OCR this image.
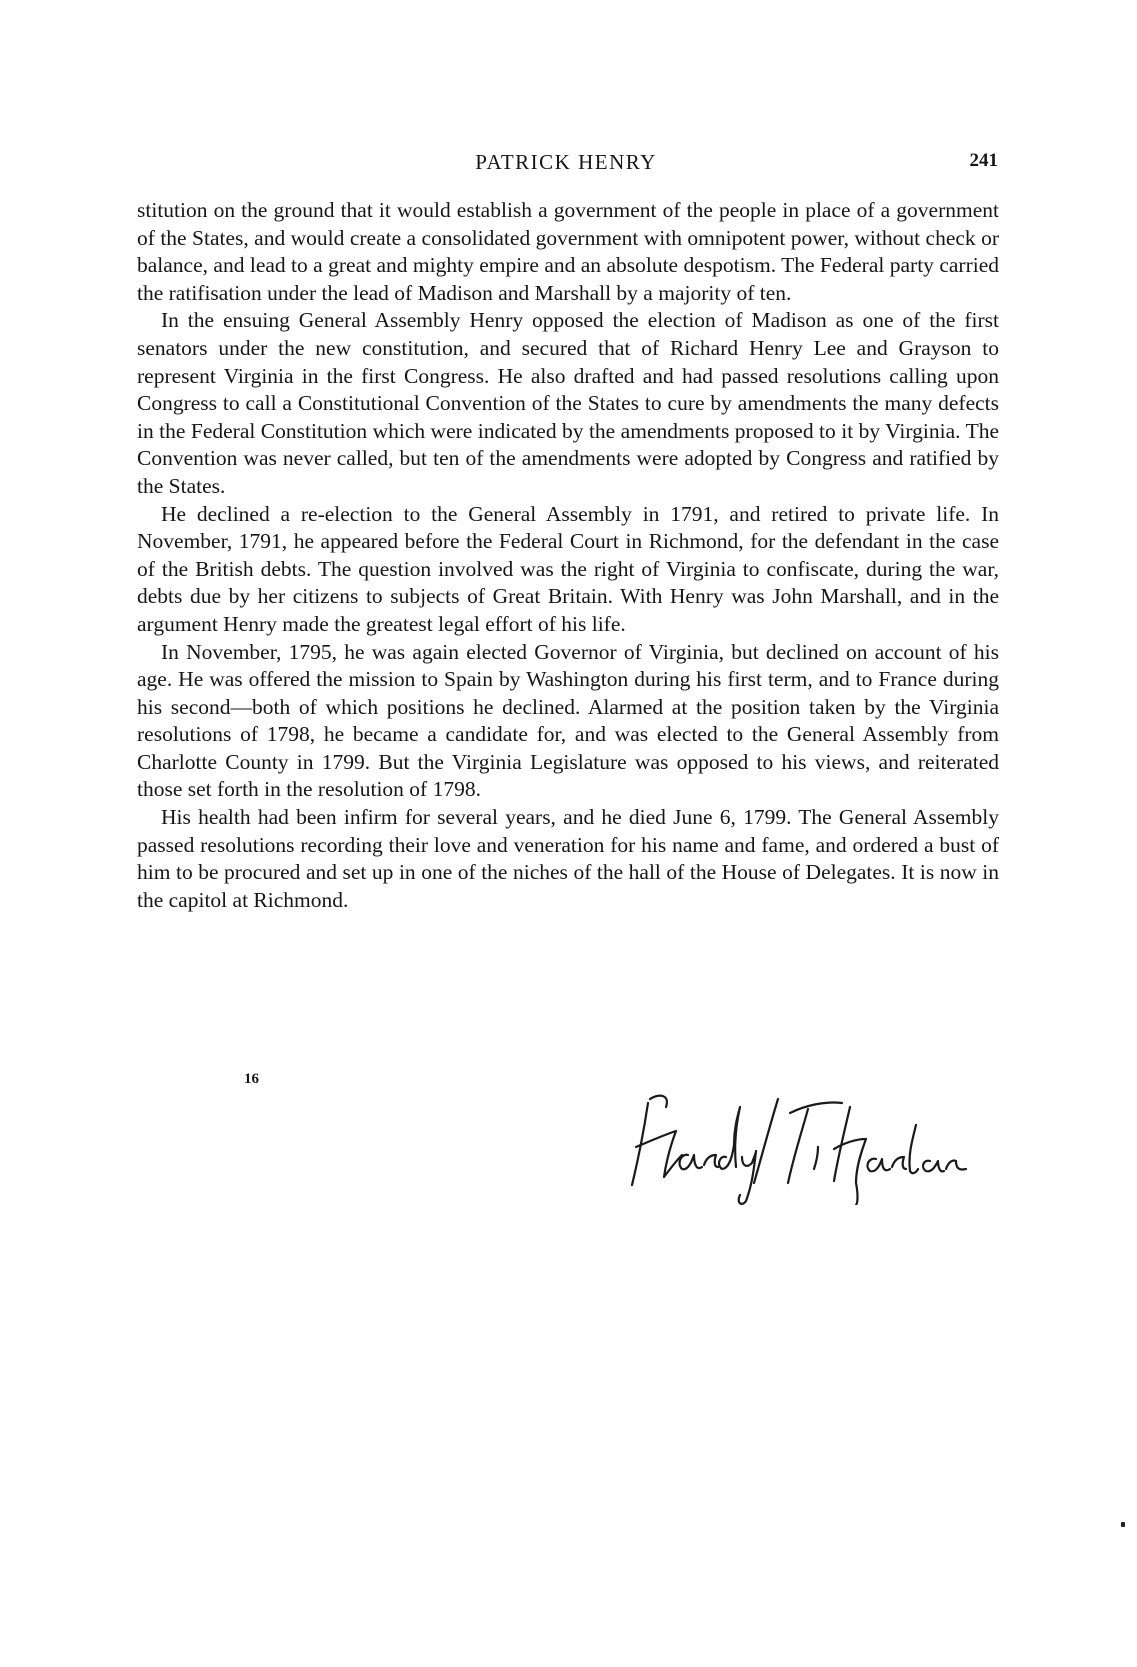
PATRICK HENRY	241

stitution on the ground that it would establish a government of the people in place of a government of the States, and would create a consolidated government with omnipotent power, without check or balance, and lead to a great and mighty empire and an absolute despotism. The Federal party carried the ratifisation under the lead of Madison and Marshall by a majority of ten.

In the ensuing General Assembly Henry opposed the election of Madison as one of the first senators under the new constitution, and secured that of Richard Henry Lee and Grayson to represent Virginia in the first Congress. He also drafted and had passed resolutions calling upon Congress to call a Constitutional Convention of the States to cure by amendments the many defects in the Federal Constitution which were indicated by the amendments proposed to it by Virginia. The Convention was never called, but ten of the amendments were adopted by Congress and ratified by the States.

He declined a re-election to the General Assembly in 1791, and retired to private life. In November, 1791, he appeared before the Federal Court in Richmond, for the defendant in the case of the British debts. The question involved was the right of Virginia to confiscate, during the war, debts due by her citizens to subjects of Great Britain. With Henry was John Marshall, and in the argument Henry made the greatest legal effort of his life.

In November, 1795, he was again elected Governor of Virginia, but declined on account of his age. He was offered the mission to Spain by Washington during his first term, and to France during his second—both of which positions he declined. Alarmed at the position taken by the Virginia resolutions of 1798, he became a candidate for, and was elected to the General Assembly from Charlotte County in 1799. But the Virginia Legislature was opposed to his views, and reiterated those set forth in the resolution of 1798.

His health had been infirm for several years, and he died June 6, 1799. The General Assembly passed resolutions recording their love and veneration for his name and fame, and ordered a bust of him to be procured and set up in one of the niches of the hall of the House of Delegates. It is now in the capitol at Richmond.

16
